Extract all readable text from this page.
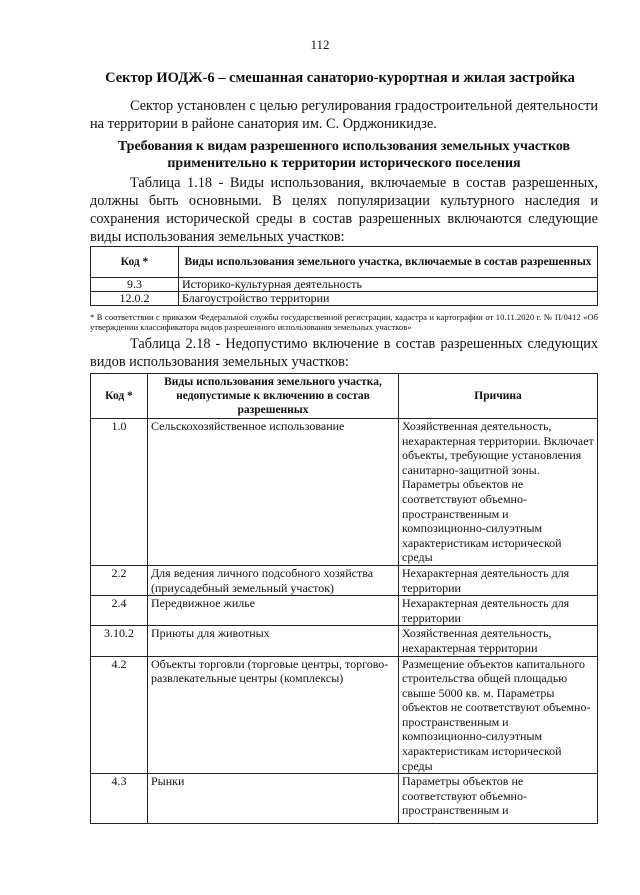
112
Сектор ИОДЖ-6 – смешанная санаторио-курортная и жилая застройка
Сектор установлен с целью регулирования градостроительной деятельности на территории в районе санатория им. С. Орджоникидзе.
Требования к видам разрешенного использования земельных участков применительно к территории исторического поселения
Таблица 1.18 - Виды использования, включаемые в состав разрешенных, должны быть основными. В целях популяризации культурного наследия и сохранения исторической среды в состав разрешенных включаются следующие виды использования земельных участков:
Код *	Виды использования земельного участка, включаемые в состав разрешенных
9.3	Историко-культурная деятельность
12.0.2	Благоустройство территории
* В соответствии с приказом Федеральной службы государственной регистрации, кадастра и картографии от 10.11.2020 г. № П/0412 «Об утверждении классификатора видов разрешенного использования земельных участков»
Таблица 2.18 - Недопустимо включение в состав разрешенных следующих видов использования земельных участков:
Код *	Виды использования земельного участка, недопустимые к включению в состав разрешенных	Причина
1.0	Сельскохозяйственное использование	Хозяйственная деятельность, нехарактерная территории. Включает объекты, требующие установления санитарно-защитной зоны. Параметры объектов не соответствуют объемно-пространственным и композиционно-силуэтным характеристикам исторической среды
2.2	Для ведения личного подсобного хозяйства (приусадебный земельный участок)	Нехарактерная деятельность для территории
2.4	Передвижное жилье	Нехарактерная деятельность для территории
3.10.2	Приюты для животных	Хозяйственная деятельность, нехарактерная территории
4.2	Объекты торговли (торговые центры, торгово-развлекательные центры (комплексы)	Размещение объектов капитального строительства общей площадью свыше 5000 кв. м. Параметры объектов не соответствуют объемно-пространственным и композиционно-силуэтным характеристикам исторической среды
4.3	Рынки	Параметры объектов не соответствуют объемно-пространственным и
